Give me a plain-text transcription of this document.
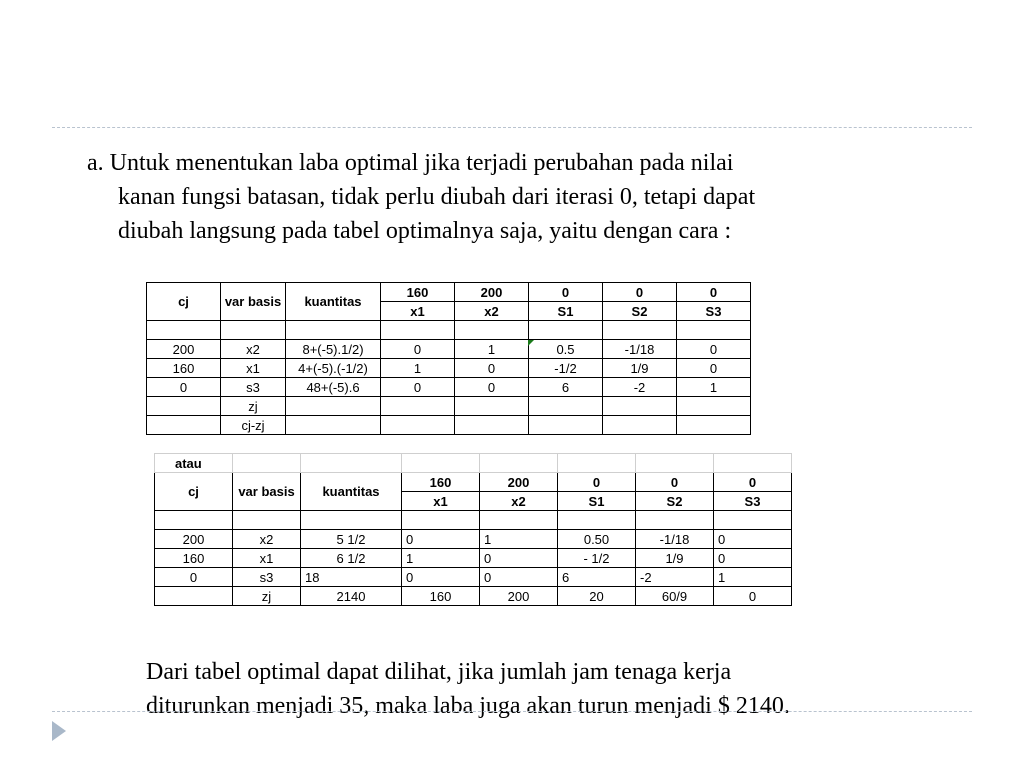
a. Untuk menentukan laba optimal jika terjadi perubahan pada nilai
kanan fungsi batasan, tidak perlu diubah dari iterasi 0, tetapi dapat
diubah langsung pada tabel optimalnya saja, yaitu dengan cara :
cj	var basis	kuantitas	160	200	0	0	0
			x1	x2	S1	S2	S3

200	x2	8+(-5).1/2)	0	1	0.5	-1/18	0
160	x1	4+(-5).(-1/2)	1	0	-1/2	1/9	0
0	s3	48+(-5).6	0	0	6	-2	1
	zj						
	cj-zj						
atau							
cj	var basis	kuantitas	160	200	0	0	0
			x1	x2	S1	S2	S3

200	x2	5 1/2	0	1	0.50	-1/18	0
160	x1	6 1/2	1	0	- 1/2	1/9	0
0	s3	18	0	0	6	-2	1
	zj	2140	160	200	20	60/9	0
Dari tabel optimal dapat dilihat, jika jumlah jam tenaga kerja
diturunkan menjadi 35, maka laba juga akan turun menjadi $ 2140.
